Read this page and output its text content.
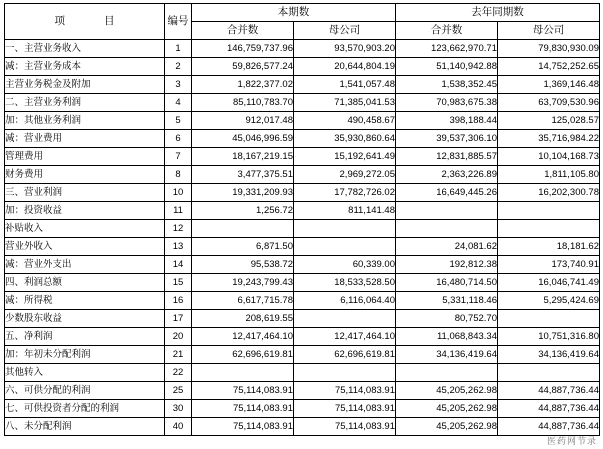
项　　目	编号	本期数		去年同期数	
		合并数	母公司	合并数	母公司
一、主营业务收入	1	146,759,737.96	93,570,903.20	123,662,970.71	79,830,930.09
减：主营业务成本	2	59,826,577.24	20,644,804.19	51,140,942.88	14,752,252.65
主营业务税金及附加	3	1,822,377.02	1,541,057.48	1,538,352.45	1,369,146.48
二、主营业务利润	4	85,110,783.70	71,385,041.53	70,983,675.38	63,709,530.96
加：其他业务利润	5	912,017.48	490,458.67	398,188.44	125,028.57
减：营业费用	6	45,046,996.59	35,930,860.64	39,537,306.10	35,716,984.22
管理费用	7	18,167,219.15	15,192,641.49	12,831,885.57	10,104,168.73
财务费用	8	3,477,375.51	2,969,272.05	2,363,226.89	1,811,105.80
三、营业利润	10	19,331,209.93	17,782,726.02	16,649,445.26	16,202,300.78
加：投资收益	11	1,256.72	811,141.48		
补贴收入	12				
营业外收入	13	6,871.50		24,081.62	18,181.62
减：营业外支出	14	95,538.72	60,339.00	192,812.38	173,740.91
四、利润总额	15	19,243,799.43	18,533,528.50	16,480,714.50	16,046,741.49
减：所得税	16	6,617,715.78	6,116,064.40	5,331,118.46	5,295,424.69
少数股东收益	17	208,619.55		80,752.70	
五、净利润	20	12,417,464.10	12,417,464.10	11,068,843.34	10,751,316.80
加：年初未分配利润	21	62,696,619.81	62,696,619.81	34,136,419.64	34,136,419.64
其他转入	22				
六、可供分配的利润	25	75,114,083.91	75,114,083.91	45,205,262.98	44,887,736.44
七、可供投资者分配的利润	30	75,114,083.91	75,114,083.91	45,205,262.98	44,887,736.44
八、未分配利润	40	75,114,083.91	75,114,083.91	45,205,262.98	44,887,736.44
医药网节录
